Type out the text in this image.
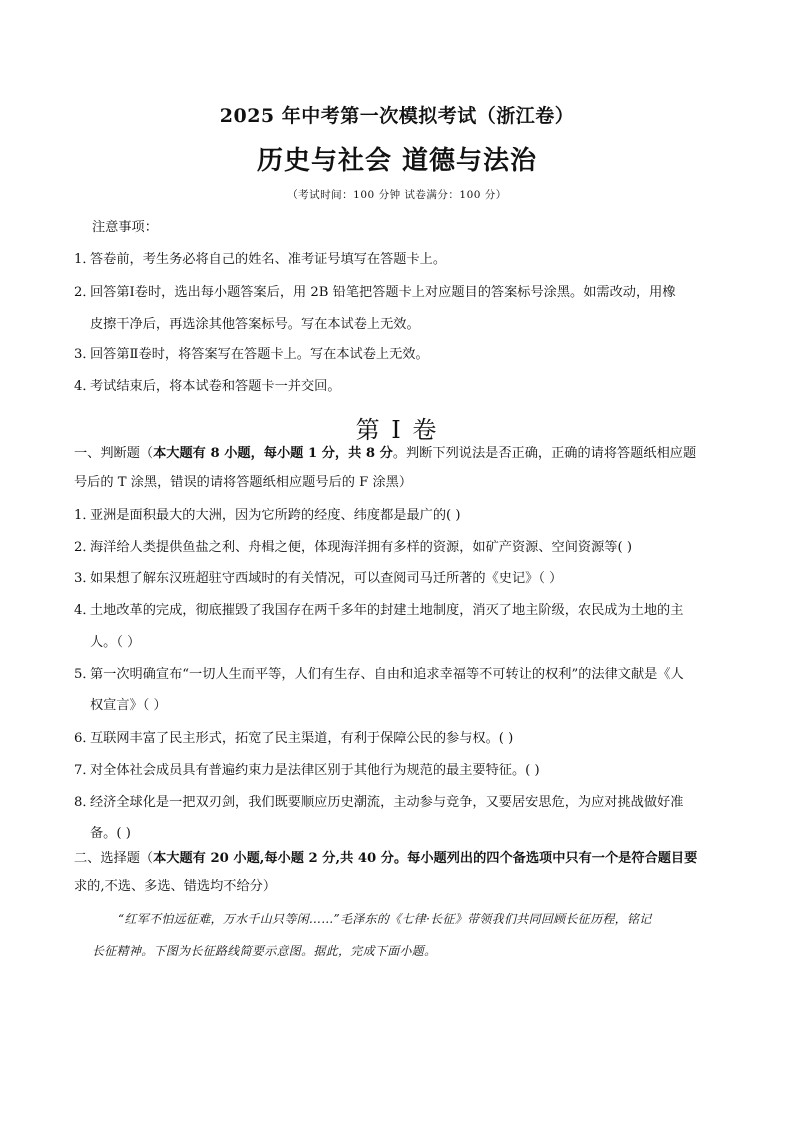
2025 年中考第一次模拟考试（浙江卷）
历史与社会 道德与法治
（考试时间：100 分钟 试卷满分：100 分）
注意事项：
1．答卷前，考生务必将自己的姓名、准考证号填写在答题卡上。
2．回答第Ⅰ卷时，选出每小题答案后，用 2B 铅笔把答题卡上对应题目的答案标号涂黑。如需改动，用橡
皮擦干净后，再选涂其他答案标号。写在本试卷上无效。
3．回答第Ⅱ卷时，将答案写在答题卡上。写在本试卷上无效。
4．考试结束后，将本试卷和答题卡一并交回。
第 I 卷
一、判断题（本大题有 8 小题，每小题 1 分，共 8 分。判断下列说法是否正确，正确的请将答题纸相应题
号后的 T 涂黑，错误的请将答题纸相应题号后的 F 涂黑）
1．亚洲是面积最大的大洲，因为它所跨的经度、纬度都是最广的( )
2．海洋给人类提供鱼盐之利、舟楫之便，体现海洋拥有多样的资源，如矿产资源、空间资源等( )
3．如果想了解东汉班超驻守西域时的有关情况，可以查阅司马迁所著的《史记》（ ）
4．土地改革的完成，彻底摧毁了我国存在两千多年的封建土地制度，消灭了地主阶级，农民成为土地的主
人。（ ）
5．第一次明确宣布“一切人生而平等，人们有生存、自由和追求幸福等不可转让的权利”的法律文献是《人
权宣言》（ ）
6．互联网丰富了民主形式，拓宽了民主渠道，有利于保障公民的参与权。( )
7．对全体社会成员具有普遍约束力是法律区别于其他行为规范的最主要特征。( )
8．经济全球化是一把双刃剑，我们既要顺应历史潮流，主动参与竞争，又要居安思危，为应对挑战做好准
备。( )
二、选择题（本大题有 20 小题,每小题 2 分,共 40 分。每小题列出的四个备选项中只有一个是符合题目要
求的,不选、多选、错选均不给分）
“红军不怕远征难，万水千山只等闲……”毛泽东的《七律·长征》带领我们共同回顾长征历程，铭记
长征精神。下图为长征路线简要示意图。据此，完成下面小题。
